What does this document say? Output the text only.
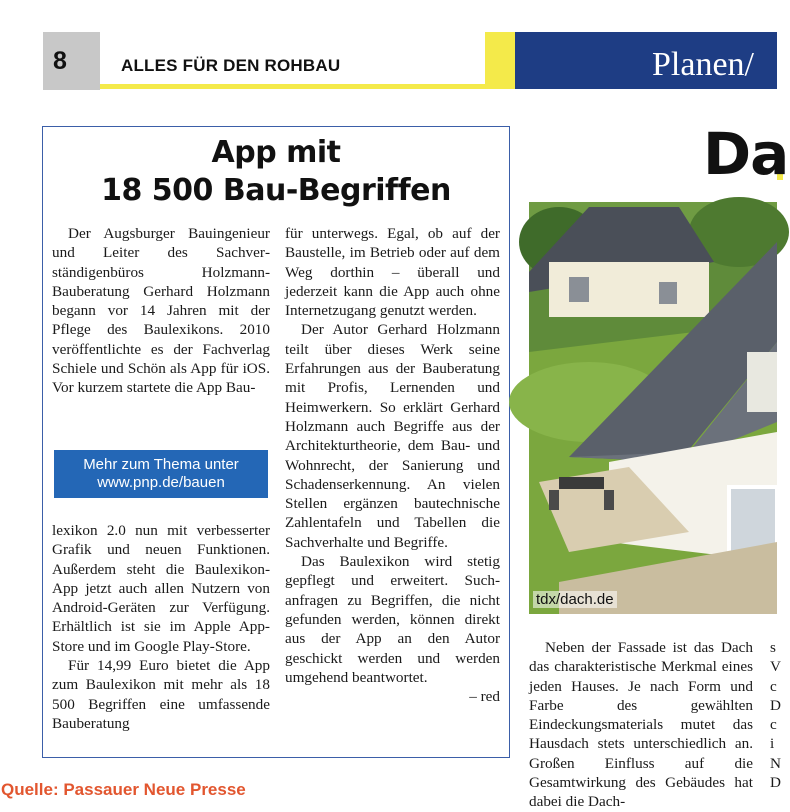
8	ALLES FÜR DEN ROHBAU	Planen/
App mit
18 500 Bau-Begriffen

Der Augsburger Bauingenieur und Leiter des Sachverständigenbüros Holzmann-Bauberatung Gerhard Holzmann begann vor 14 Jahren mit der Pflege des Baulexikons. 2010 veröffentlichte es der Fachverlag Schiele und Schön als App für iOS. Vor kurzem startete die App Bau-

Mehr zum Thema unter
www.pnp.de/bauen

lexikon 2.0 nun mit verbesserter Grafik und neuen Funktionen. Außerdem steht die Baulexikon-App jetzt auch allen Nutzern von Android-Geräten zur Verfügung. Erhältlich ist sie im Apple App-Store und im Google Play-Store.

Für 14,99 Euro bietet die App zum Baulexikon mit mehr als 18 500 Begriffen eine umfassende Bauberatung

für unterwegs. Egal, ob auf der Baustelle, im Betrieb oder auf dem Weg dorthin – überall und jederzeit kann die App auch ohne Internetzugang genutzt werden.

Der Autor Gerhard Holzmann teilt über dieses Werk seine Erfahrungen aus der Bauberatung mit Profis, Lernenden und Heimwerkern. So erklärt Gerhard Holzmann auch Begriffe aus der Architekturtheorie, dem Bau- und Wohnrecht, der Sanierung und Schadenserkennung. An vielen Stellen ergänzen bautechnische Zahlentafeln und Tabellen die Sachverhalte und Begriffe.

Das Baulexikon wird stetig gepflegt und erweitert. Suchanfragen zu Begriffen, die nicht gefunden werden, können direkt aus der App an den Autor geschickt werden und werden umgehend beantwortet.

– red
Da
tdx/dach.de

Neben der Fassade ist das Dach das charakteristische Merkmal eines jeden Hauses. Je nach Form und Farbe des gewählten Eindeckungsmaterials mutet das Hausdach stets unterschiedlich an. Großen Einfluss auf die Gesamtwirkung des Gebäudes hat dabei die Dach-

s V c D c i N D

Quelle: Passauer Neue Presse
